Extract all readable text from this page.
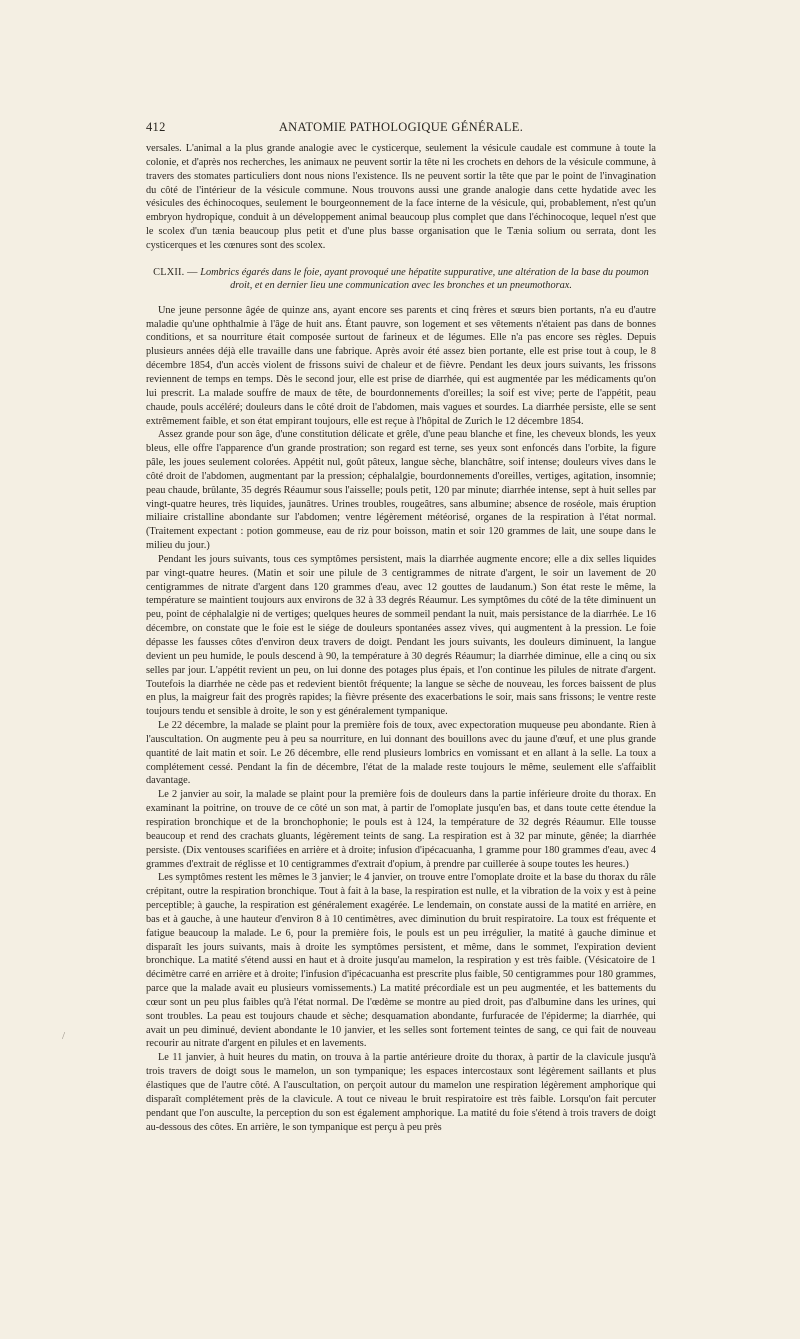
412	ANATOMIE PATHOLOGIQUE GÉNÉRALE.

versales. L'animal a la plus grande analogie avec le cysticerque, seulement la vésicule caudale est commune à toute la colonie, et d'après nos recherches, les animaux ne peuvent sortir la tête ni les crochets en dehors de la vésicule commune, à travers des stomates particuliers dont nous nions l'existence. Ils ne peuvent sortir la tête que par le point de l'invagination du côté de l'intérieur de la vésicule commune. Nous trouvons aussi une grande analogie dans cette hydatide avec les vésicules des échinocoques, seulement le bourgeonnement de la face interne de la vésicule, qui, probablement, n'est qu'un embryon hydropique, conduit à un développement animal beaucoup plus complet que dans l'échinocoque, lequel n'est que le scolex d'un tænia beaucoup plus petit et d'une plus basse organisation que le Tænia solium ou serrata, dont les cysticerques et les cœnures sont des scolex.

CLXII. — Lombrics égarés dans le foie, ayant provoqué une hépatite suppurative, une altération de la base du poumon droit, et en dernier lieu une communication avec les bronches et un pneumothorax.

Une jeune personne âgée de quinze ans, ayant encore ses parents et cinq frères et sœurs bien portants, n'a eu d'autre maladie qu'une ophthalmie à l'âge de huit ans. Étant pauvre, son logement et ses vêtements n'étaient pas dans de bonnes conditions, et sa nourriture était composée surtout de farineux et de légumes. Elle n'a pas encore ses règles. Depuis plusieurs années déjà elle travaille dans une fabrique. Après avoir été assez bien portante, elle est prise tout à coup, le 8 décembre 1854, d'un accès violent de frissons suivi de chaleur et de fièvre. Pendant les deux jours suivants, les frissons reviennent de temps en temps. Dès le second jour, elle est prise de diarrhée, qui est augmentée par les médicaments qu'on lui prescrit. La malade souffre de maux de tête, de bourdonnements d'oreilles; la soif est vive; perte de l'appétit, peau chaude, pouls accéléré; douleurs dans le côté droit de l'abdomen, mais vagues et sourdes. La diarrhée persiste, elle se sent extrêmement faible, et son état empirant toujours, elle est reçue à l'hôpital de Zurich le 12 décembre 1854.

Assez grande pour son âge, d'une constitution délicate et grêle, d'une peau blanche et fine, les cheveux blonds, les yeux bleus, elle offre l'apparence d'un grande prostration; son regard est terne, ses yeux sont enfoncés dans l'orbite, la figure pâle, les joues seulement colorées. Appétit nul, goût pâteux, langue sèche, blanchâtre, soif intense; douleurs vives dans le côté droit de l'abdomen, augmentant par la pression; céphalalgie, bourdonnements d'oreilles, vertiges, agitation, insomnie; peau chaude, brûlante, 35 degrés Réaumur sous l'aisselle; pouls petit, 120 par minute; diarrhée intense, sept à huit selles par vingt-quatre heures, très liquides, jaunâtres. Urines troubles, rougeâtres, sans albumine; absence de roséole, mais éruption miliaire cristalline abondante sur l'abdomen; ventre légèrement météorisé, organes de la respiration à l'état normal. (Traitement expectant : potion gommeuse, eau de riz pour boisson, matin et soir 120 grammes de lait, une soupe dans le milieu du jour.)

Pendant les jours suivants, tous ces symptômes persistent, mais la diarrhée augmente encore; elle a dix selles liquides par vingt-quatre heures. (Matin et soir une pilule de 3 centigrammes de nitrate d'argent, le soir un lavement de 20 centigrammes de nitrate d'argent dans 120 grammes d'eau, avec 12 gouttes de laudanum.) Son état reste le même, la température se maintient toujours aux environs de 32 à 33 degrés Réaumur. Les symptômes du côté de la tête diminuent un peu, point de céphalalgie ni de vertiges; quelques heures de sommeil pendant la nuit, mais persistance de la diarrhée. Le 16 décembre, on constate que le foie est le siége de douleurs spontanées assez vives, qui augmentent à la pression. Le foie dépasse les fausses côtes d'environ deux travers de doigt. Pendant les jours suivants, les douleurs diminuent, la langue devient un peu humide, le pouls descend à 90, la température à 30 degrés Réaumur; la diarrhée diminue, elle a cinq ou six selles par jour. L'appétit revient un peu, on lui donne des potages plus épais, et l'on continue les pilules de nitrate d'argent. Toutefois la diarrhée ne cède pas et redevient bientôt fréquente; la langue se sèche de nouveau, les forces baissent de plus en plus, la maigreur fait des progrès rapides; la fièvre présente des exacerbations le soir, mais sans frissons; le ventre reste toujours tendu et sensible à droite, le son y est généralement tympanique.

Le 22 décembre, la malade se plaint pour la première fois de toux, avec expectoration muqueuse peu abondante. Rien à l'auscultation. On augmente peu à peu sa nourriture, en lui donnant des bouillons avec du jaune d'œuf, et une plus grande quantité de lait matin et soir. Le 26 décembre, elle rend plusieurs lombrics en vomissant et en allant à la selle. La toux a complétement cessé. Pendant la fin de décembre, l'état de la malade reste toujours le même, seulement elle s'affaiblit davantage.

Le 2 janvier au soir, la malade se plaint pour la première fois de douleurs dans la partie inférieure droite du thorax. En examinant la poitrine, on trouve de ce côté un son mat, à partir de l'omoplate jusqu'en bas, et dans toute cette étendue la respiration bronchique et de la bronchophonie; le pouls est à 124, la température de 32 degrés Réaumur. Elle tousse beaucoup et rend des crachats gluants, légèrement teints de sang. La respiration est à 32 par minute, gênée; la diarrhée persiste. (Dix ventouses scarifiées en arrière et à droite; infusion d'ipécacuanha, 1 gramme pour 180 grammes d'eau, avec 4 grammes d'extrait de réglisse et 10 centigrammes d'extrait d'opium, à prendre par cuillerée à soupe toutes les heures.)

Les symptômes restent les mêmes le 3 janvier; le 4 janvier, on trouve entre l'omoplate droite et la base du thorax du râle crépitant, outre la respiration bronchique. Tout à fait à la base, la respiration est nulle, et la vibration de la voix y est à peine perceptible; à gauche, la respiration est généralement exagérée. Le lendemain, on constate aussi de la matité en arrière, en bas et à gauche, à une hauteur d'environ 8 à 10 centimètres, avec diminution du bruit respiratoire. La toux est fréquente et fatigue beaucoup la malade. Le 6, pour la première fois, le pouls est un peu irrégulier, la matité à gauche diminue et disparaît les jours suivants, mais à droite les symptômes persistent, et même, dans le sommet, l'expiration devient bronchique. La matité s'étend aussi en haut et à droite jusqu'au mamelon, la respiration y est très faible. (Vésicatoire de 1 décimètre carré en arrière et à droite; l'infusion d'ipécacuanha est prescrite plus faible, 50 centigrammes pour 180 grammes, parce que la malade avait eu plusieurs vomissements.) La matité précordiale est un peu augmentée, et les battements du cœur sont un peu plus faibles qu'à l'état normal. De l'œdème se montre au pied droit, pas d'albumine dans les urines, qui sont troubles. La peau est toujours chaude et sèche; desquamation abondante, furfuracée de l'épiderme; la diarrhée, qui avait un peu diminué, devient abondante le 10 janvier, et les selles sont fortement teintes de sang, ce qui fait de nouveau recourir au nitrate d'argent en pilules et en lavements.

Le 11 janvier, à huit heures du matin, on trouva à la partie antérieure droite du thorax, à partir de la clavicule jusqu'à trois travers de doigt sous le mamelon, un son tympanique; les espaces intercostaux sont légèrement saillants et plus élastiques que de l'autre côté. A l'auscultation, on perçoit autour du mamelon une respiration légèrement amphorique qui disparaît complétement près de la clavicule. A tout ce niveau le bruit respiratoire est très faible. Lorsqu'on fait percuter pendant que l'on ausculte, la perception du son est également amphorique. La matité du foie s'étend à trois travers de doigt au-dessous des côtes. En arrière, le son tympanique est perçu à peu près

/
